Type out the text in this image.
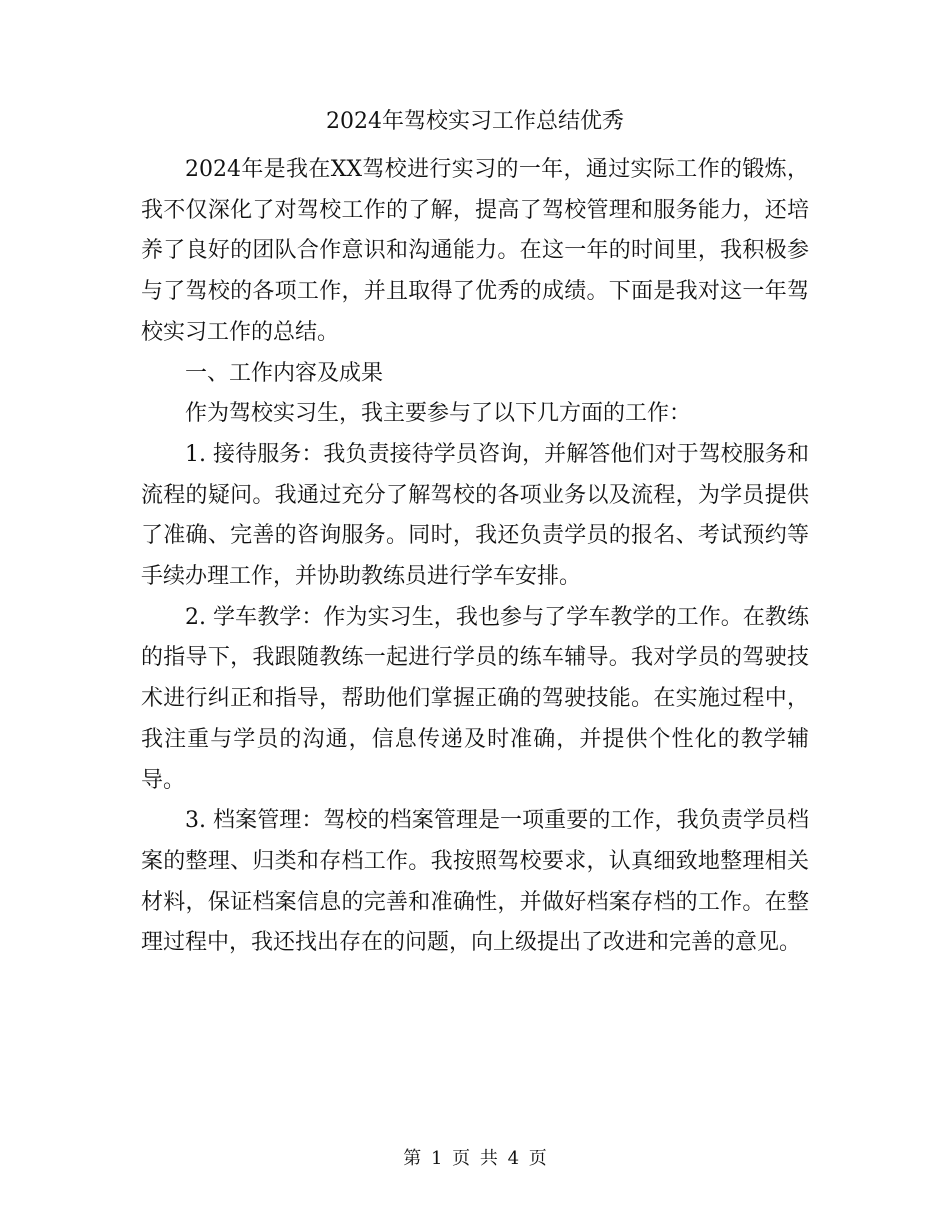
2024年驾校实习工作总结优秀

2024年是我在XX驾校进行实习的一年，通过实际工作的锻炼，我不仅深化了对驾校工作的了解，提高了驾校管理和服务能力，还培养了良好的团队合作意识和沟通能力。在这一年的时间里，我积极参与了驾校的各项工作，并且取得了优秀的成绩。下面是我对这一年驾校实习工作的总结。

一、工作内容及成果

作为驾校实习生，我主要参与了以下几方面的工作：

1. 接待服务：我负责接待学员咨询，并解答他们对于驾校服务和流程的疑问。我通过充分了解驾校的各项业务以及流程，为学员提供了准确、完善的咨询服务。同时，我还负责学员的报名、考试预约等手续办理工作，并协助教练员进行学车安排。

2. 学车教学：作为实习生，我也参与了学车教学的工作。在教练的指导下，我跟随教练一起进行学员的练车辅导。我对学员的驾驶技术进行纠正和指导，帮助他们掌握正确的驾驶技能。在实施过程中，我注重与学员的沟通，信息传递及时准确，并提供个性化的教学辅导。

3. 档案管理：驾校的档案管理是一项重要的工作，我负责学员档案的整理、归类和存档工作。我按照驾校要求，认真细致地整理相关材料，保证档案信息的完善和准确性，并做好档案存档的工作。在整理过程中，我还找出存在的问题，向上级提出了改进和完善的意见。

第 1 页 共 4 页
